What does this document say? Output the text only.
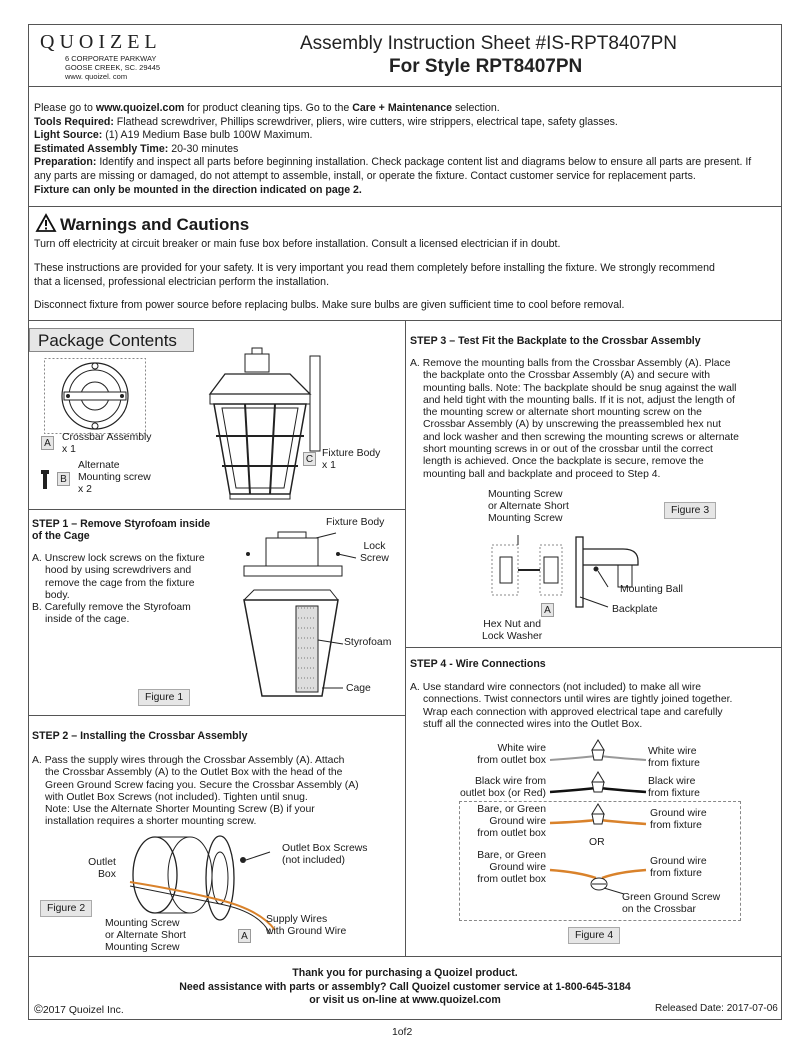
QUOIZEL
6 CORPORATE PARKWAY
GOOSE CREEK, SC. 29445
www. quoizel. com
Assembly Instruction Sheet #IS-RPT8407PN
For Style RPT8407PN
Please go to www.quoizel.com for product cleaning tips. Go to the Care + Maintenance selection.
Tools Required: Flathead screwdriver, Phillips screwdriver, pliers, wire cutters, wire strippers, electrical tape, safety glasses.
Light Source: (1) A19 Medium Base bulb 100W Maximum.
Estimated Assembly Time: 20-30 minutes
Preparation: Identify and inspect all parts before beginning installation. Check package content list and diagrams below to ensure all parts are present. If any parts are missing or damaged, do not attempt to assemble, install, or operate the fixture. Contact customer service for replacement parts.
Fixture can only be mounted in the direction indicated on page 2.
Warnings and Cautions
Turn off electricity at circuit breaker or main fuse box before installation. Consult a licensed electrician if in doubt.
These instructions are provided for your safety. It is very important you read them completely before installing the fixture. We strongly recommend that a licensed, professional electrician perform the installation.
Disconnect fixture from power source before replacing bulbs. Make sure bulbs are given sufficient time to cool before removal.
Package Contents
A
Crossbar Assembly
x 1
B
Alternate
Mounting screw
x 2
C
Fixture Body
x 1
STEP 1 – Remove Styrofoam inside
of the Cage
A. Unscrew lock screws on the fixture
hood by using screwdrivers and
remove the cage from the fixture
body.
B. Carefully remove the Styrofoam
inside of the cage.
Fixture Body
Lock
Screw
Styrofoam
Cage
Figure 1
STEP 2 – Installing the Crossbar Assembly
A. Pass the supply wires through the Crossbar Assembly (A). Attach
the Crossbar Assembly (A) to the Outlet Box with the head of the
Green Ground Screw facing you. Secure the Crossbar Assembly (A)
with Outlet Box Screws (not included). Tighten until snug.
Note: Use the Alternate Shorter Mounting Screw (B) if your
installation requires a shorter mounting screw.
Outlet
Box
Outlet Box Screws
(not included)
Figure 2
Mounting Screw
or Alternate Short
Mounting Screw
A
Supply Wires
with Ground Wire
STEP 3 – Test Fit the Backplate to the Crossbar Assembly
A. Remove the mounting balls from the Crossbar Assembly (A). Place
the backplate onto the Crossbar Assembly (A) and secure with
mounting balls. Note: The backplate should be snug against the wall
and held tight with the mounting balls. If it is not, adjust the length of
the mounting screw or alternate short mounting screw on the
Crossbar Assembly (A) by unscrewing the preassembled hex nut
and lock washer and then screwing the mounting screws or alternate
short mounting screws in or out of the crossbar until the correct
length is achieved. Once the backplate is secure, remove the
mounting ball and backplate and proceed to Step 4.
Mounting Screw
or Alternate Short
Mounting Screw
Figure 3
Mounting Ball
Backplate
A
Hex Nut and
Lock Washer
STEP 4 - Wire Connections
A. Use standard wire connectors (not included) to make all wire
connections. Twist connectors until wires are tightly joined together.
Wrap each connection with approved electrical tape and carefully
stuff all the connected wires into the Outlet Box.
White wire
from outlet box
White wire
from fixture
Black wire from
outlet box (or Red)
Black wire
from fixture
Bare, or Green
Ground wire
from outlet box
Ground wire
from fixture
OR
Bare, or Green
Ground wire
from outlet box
Ground wire
from fixture
Green Ground Screw
on the Crossbar
Figure 4
Thank you for purchasing a Quoizel product.
Need assistance with parts or assembly? Call Quoizel customer service at 1-800-645-3184
or visit us on-line at www.quoizel.com
©2017 Quoizel Inc.	Released Date: 2017-07-06
1of2
